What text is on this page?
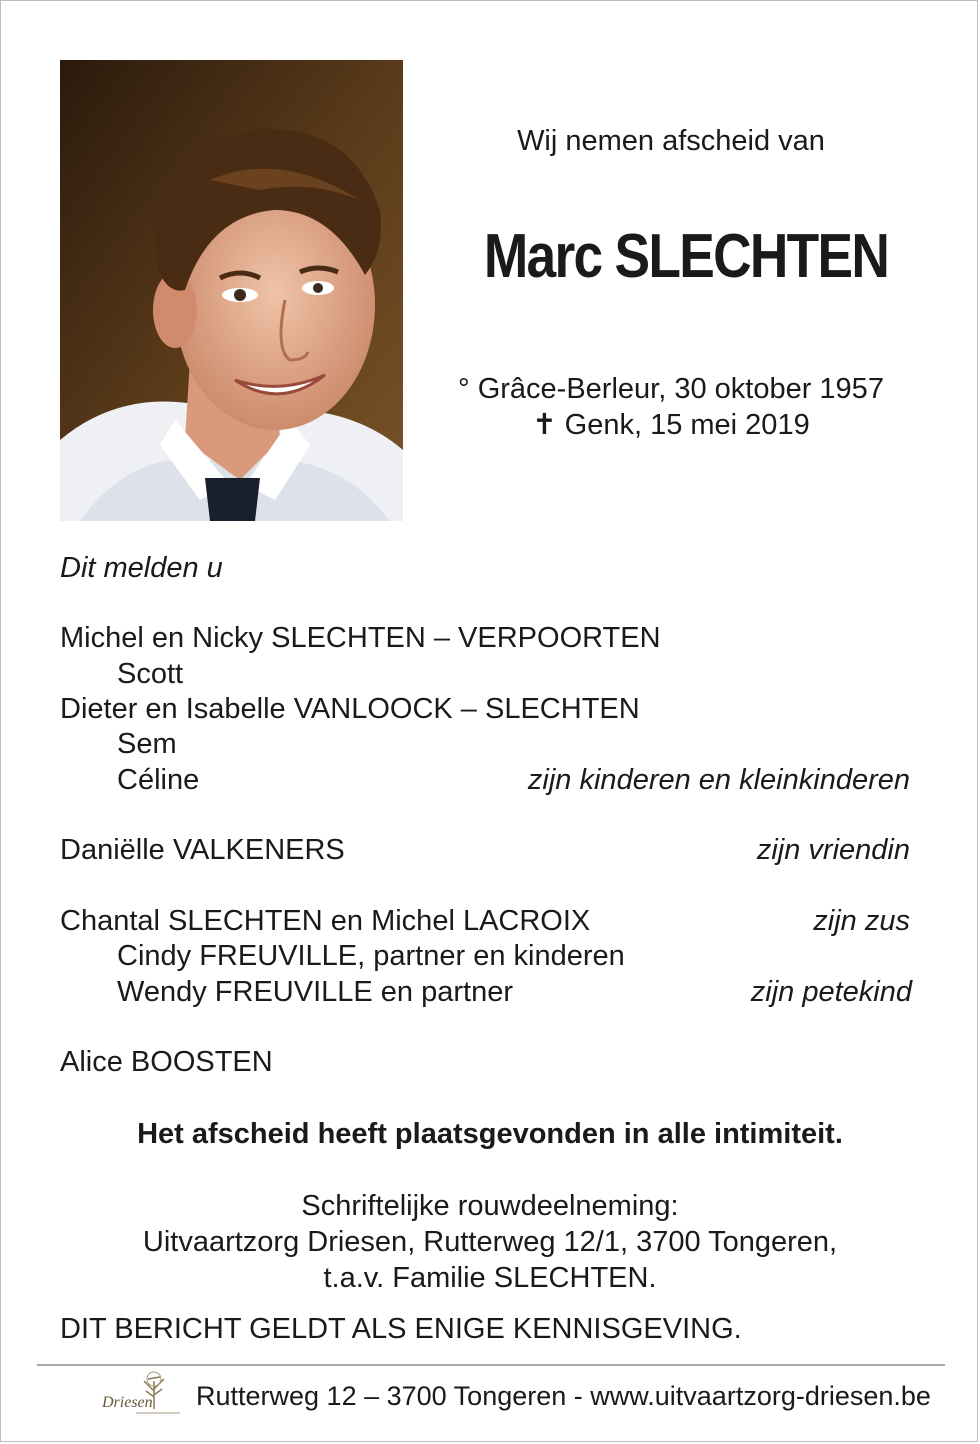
Wij nemen afscheid van
Marc SLECHTEN
° Grâce-Berleur, 30 oktober 1957
✝ Genk, 15 mei 2019
Dit melden u
Michel en Nicky SLECHTEN – VERPOORTEN
Scott
Dieter en Isabelle VANLOOCK – SLECHTEN
Sem
Céline	zijn kinderen en kleinkinderen
Daniëlle VALKENERS	zijn vriendin
Chantal SLECHTEN en Michel LACROIX	zijn zus
Cindy FREUVILLE, partner en kinderen
Wendy FREUVILLE en partner	zijn petekind
Alice BOOSTEN
Het afscheid heeft plaatsgevonden in alle intimiteit.
Schriftelijke rouwdeelneming:
Uitvaartzorg Driesen, Rutterweg 12/1, 3700 Tongeren,
t.a.v. Familie SLECHTEN.
DIT BERICHT GELDT ALS ENIGE KENNISGEVING.
Driesen Rutterweg 12 – 3700 Tongeren - www.uitvaartzorg-driesen.be
